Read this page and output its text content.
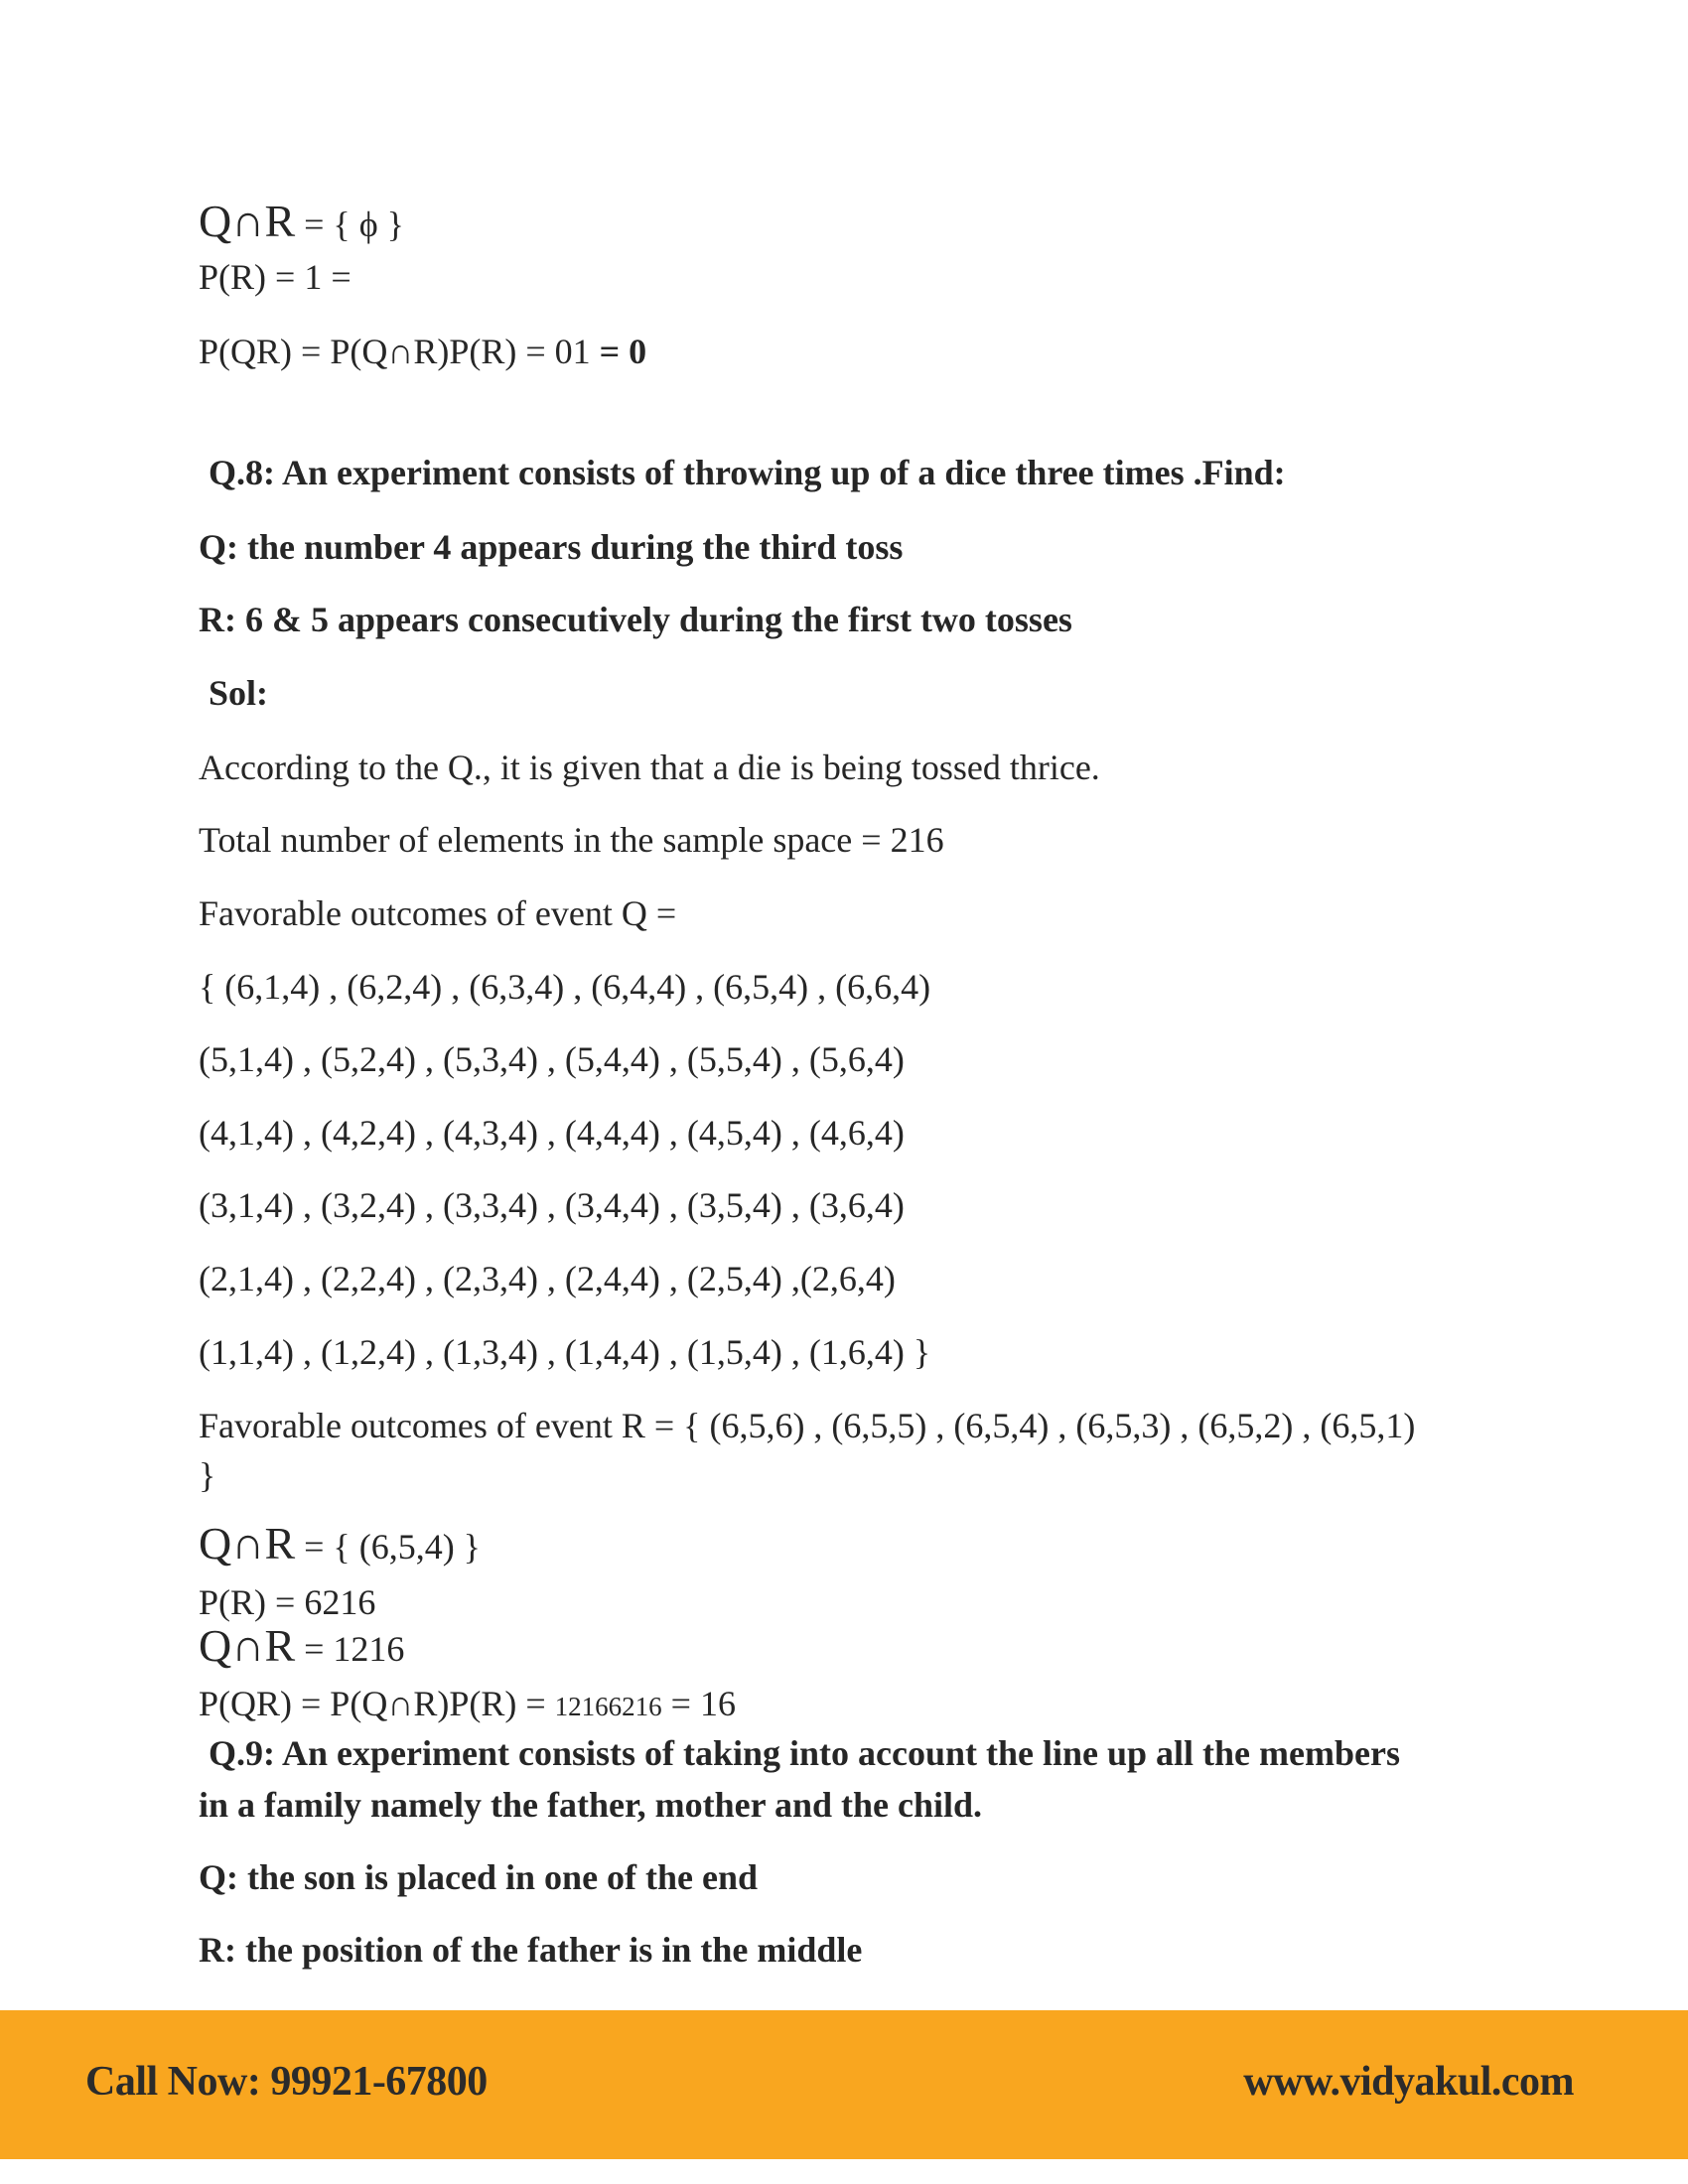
Q∩R = { ϕ }
P(R) = 1 =
P(QR) = P(Q∩R)P(R) = 01 = 0
Q.8: An experiment consists of throwing up of a dice three times .Find:
Q: the number 4 appears during the third toss
R: 6 & 5 appears consecutively during the first two tosses
Sol:
According to the Q., it is given that a die is being tossed thrice.
Total number of elements in the sample space = 216
Favorable outcomes of event Q =
{ (6,1,4) , (6,2,4) , (6,3,4) , (6,4,4) , (6,5,4) , (6,6,4)
(5,1,4) , (5,2,4) , (5,3,4) , (5,4,4) , (5,5,4) , (5,6,4)
(4,1,4) , (4,2,4) , (4,3,4) , (4,4,4) , (4,5,4) , (4,6,4)
(3,1,4) , (3,2,4) , (3,3,4) , (3,4,4) , (3,5,4) , (3,6,4)
(2,1,4) , (2,2,4) , (2,3,4) , (2,4,4) , (2,5,4) ,(2,6,4)
(1,1,4) , (1,2,4) , (1,3,4) , (1,4,4) , (1,5,4) , (1,6,4) }
Favorable outcomes of event R = { (6,5,6) , (6,5,5) , (6,5,4) , (6,5,3) , (6,5,2) , (6,5,1)
}
Q∩R = { (6,5,4) }
P(R) = 6216
Q∩R = 1216
P(QR) = P(Q∩R)P(R) = 12166216 = 16
Q.9: An experiment consists of taking into account the line up all the members
in a family namely the father, mother and the child.
Q: the son is placed in one of the end
R: the position of the father is in the middle
Call Now: 99921-67800	www.vidyakul.com
